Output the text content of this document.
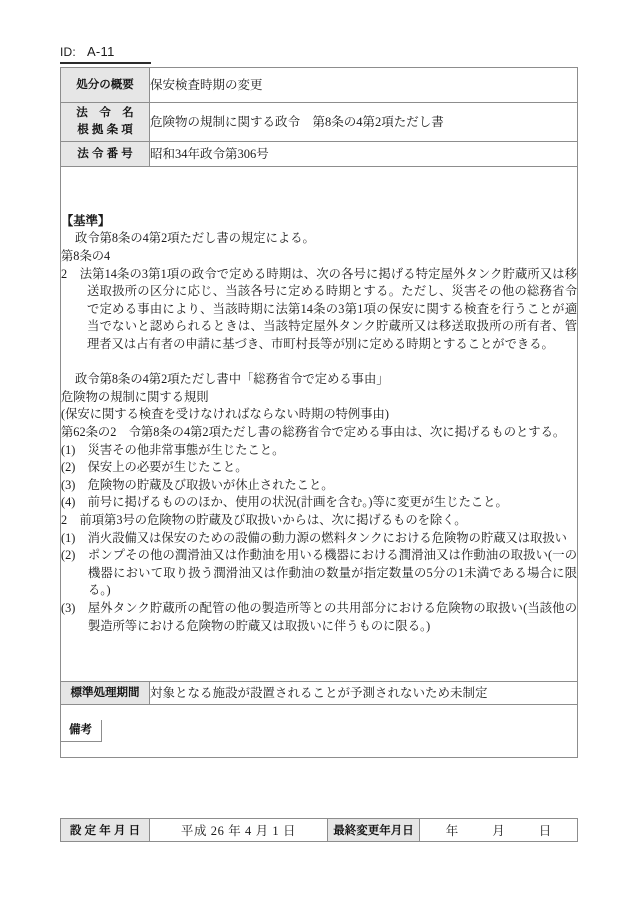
ID: A-11
処分の概要	保安検査時期の変更

法　令　名
根 拠 条 項	危険物の規制に関する政令　第8条の4第2項ただし書
法 令 番 号	昭和34年政令第306号

【基準】

政令第8条の4第2項ただし書の規定による。

第8条の4

2　法第14条の3第1項の政令で定める時期は、次の各号に掲げる特定屋外タンク貯蔵所又は移送取扱所の区分に応じ、当該各号に定める時期とする。ただし、災害その他の総務省令で定める事由により、当該時期に法第14条の3第1項の保安に関する検査を行うことが適当でないと認められるときは、当該特定屋外タンク貯蔵所又は移送取扱所の所有者、管理者又は占有者の申請に基づき、市町村長等が別に定める時期とすることができる。

政令第8条の4第2項ただし書中「総務省令で定める事由」

危険物の規制に関する規則

(保安に関する検査を受けなければならない時期の特例事由)

第62条の2　令第8条の4第2項ただし書の総務省令で定める事由は、次に掲げるものとする。

(1)　災害その他非常事態が生じたこと。

(2)　保安上の必要が生じたこと。

(3)　危険物の貯蔵及び取扱いが休止されたこと。

(4)　前号に掲げるもののほか、使用の状況(計画を含む。)等に変更が生じたこと。

2　前項第3号の危険物の貯蔵及び取扱いからは、次に掲げるものを除く。

(1)　消火設備又は保安のための設備の動力源の燃料タンクにおける危険物の貯蔵又は取扱い

(2)　ポンプその他の潤滑油又は作動油を用いる機器における潤滑油又は作動油の取扱い(一の機器において取り扱う潤滑油又は作動油の数量が指定数量の5分の1未満である場合に限る。)

(3)　屋外タンク貯蔵所の配管の他の製造所等との共用部分における危険物の取扱い(当該他の製造所等における危険物の貯蔵又は取扱いに伴うものに限る。)

標準処理期間	対象となる施設が設置されることが予測されないため未制定
備考	
設 定 年 月 日	平成 26 年 4 月 1 日	最終変更年月日	年	月	日
